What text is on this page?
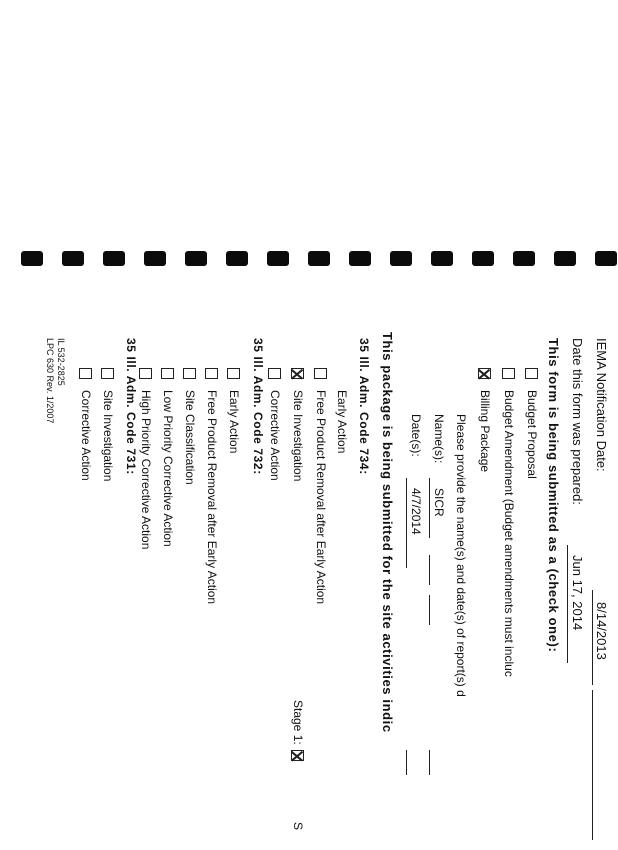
IEMA Notification Date:
8/14/2013
Date this form was prepared:
Jun 17, 2014
This form is being submitted as a (check one):
Budget Proposal
Budget Amendment (Budget amendments must incluc
Billing Package
Please provide the name(s) and date(s) of report(s) d
Name(s):
SICR
Date(s):
4/7/2014
This package is being submitted for the site activities indic
35 Ill. Adm. Code 734:
Early Action
Free Product Removal after Early Action
Site Investigation
Stage 1:
S
Corrective Action
35 Ill. Adm. Code 732:
Early Action
Free Product Removal after Early Action
Site Classification
Low Priority Corrective Action
High Priority Corrective Action
35 Ill. Adm. Code 731:
Site Investigation
Corrective Action
IL 532-2825
LPC 630 Rev. 1/2007
